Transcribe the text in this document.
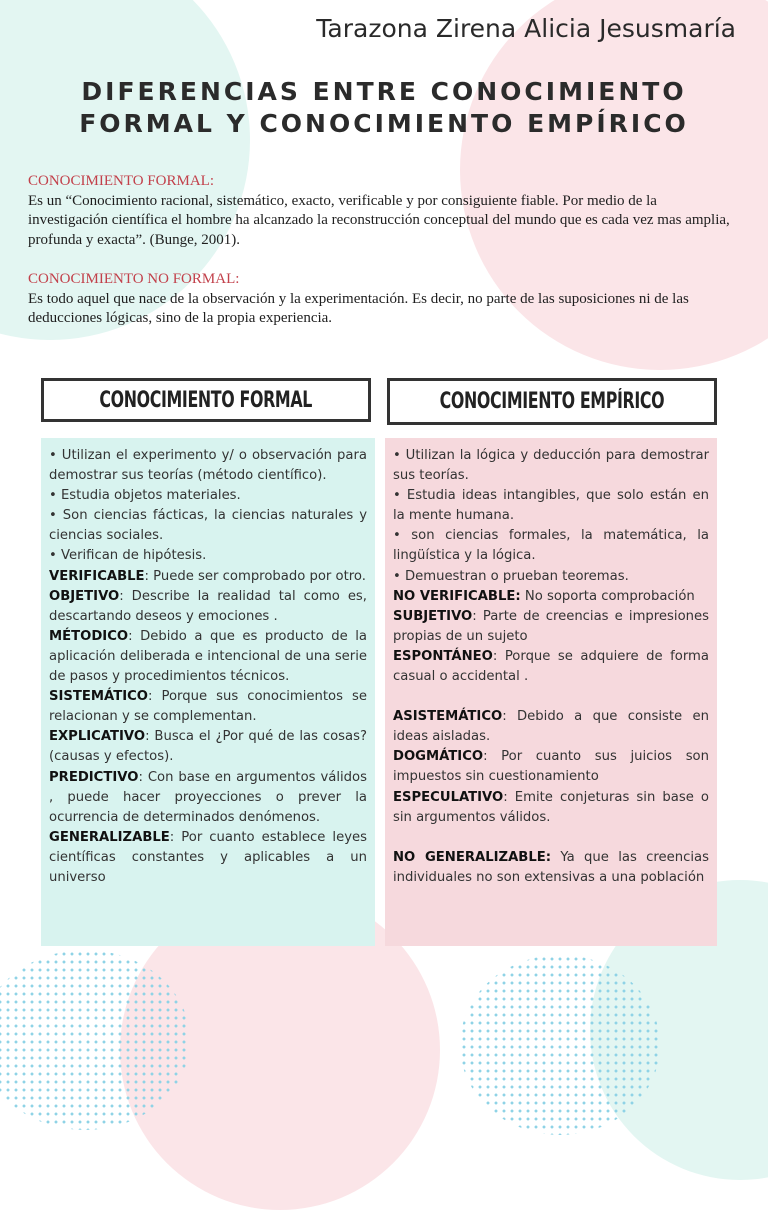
Tarazona Zirena Alicia Jesusmaría
DIFERENCIAS ENTRE CONOCIMIENTO
FORMAL Y CONOCIMIENTO EMPÍRICO

CONOCIMIENTO FORMAL:

Es un “Conocimiento racional, sistemático, exacto, verificable y por consiguiente fiable. Por medio de la investigación científica el hombre ha alcanzado la reconstrucción conceptual del mundo que es cada vez mas amplia, profunda y exacta”. (Bunge, 2001).

CONOCIMIENTO NO FORMAL:

Es todo aquel que nace de la observación y la experimentación. Es decir, no parte de las suposiciones ni de las deducciones lógicas, sino de la propia experiencia.

CONOCIMIENTO FORMAL	CONOCIMIENTO EMPÍRICO

• Utilizan el experimento y/ o observación para demostrar sus teorías (método científico).

• Estudia objetos materiales.

• Son ciencias fácticas, la ciencias naturales y ciencias sociales.

• Verifican de hipótesis.

VERIFICABLE: Puede ser comprobado por otro.

OBJETIVO: Describe la realidad tal como es, descartando deseos y emociones .

MÉTODICO: Debido a que es producto de la aplicación deliberada e intencional de una serie de pasos y procedimientos técnicos.

SISTEMÁTICO: Porque sus conocimientos se relacionan y se complementan.

EXPLICATIVO: Busca el ¿Por qué de las cosas? (causas y efectos).

PREDICTIVO: Con base en argumentos válidos , puede hacer proyecciones o prever la ocurrencia de determinados denómenos.

GENERALIZABLE: Por cuanto establece leyes científicas constantes y aplicables a un universo

• Utilizan la lógica y deducción para demostrar sus teorías.

• Estudia ideas intangibles, que solo están en la mente humana.

• son ciencias formales, la matemática, la lingüística y la lógica.

• Demuestran o prueban teoremas.

NO VERIFICABLE: No soporta comprobación

SUBJETIVO: Parte de creencias e impresiones propias de un sujeto

ESPONTÁNEO: Porque se adquiere de forma casual o accidental .

ASISTEMÁTICO: Debido a que consiste en ideas aisladas.

DOGMÁTICO: Por cuanto sus juicios son impuestos sin cuestionamiento

ESPECULATIVO: Emite conjeturas sin base o sin argumentos válidos.

NO GENERALIZABLE: Ya que las creencias individuales no son extensivas a una población
